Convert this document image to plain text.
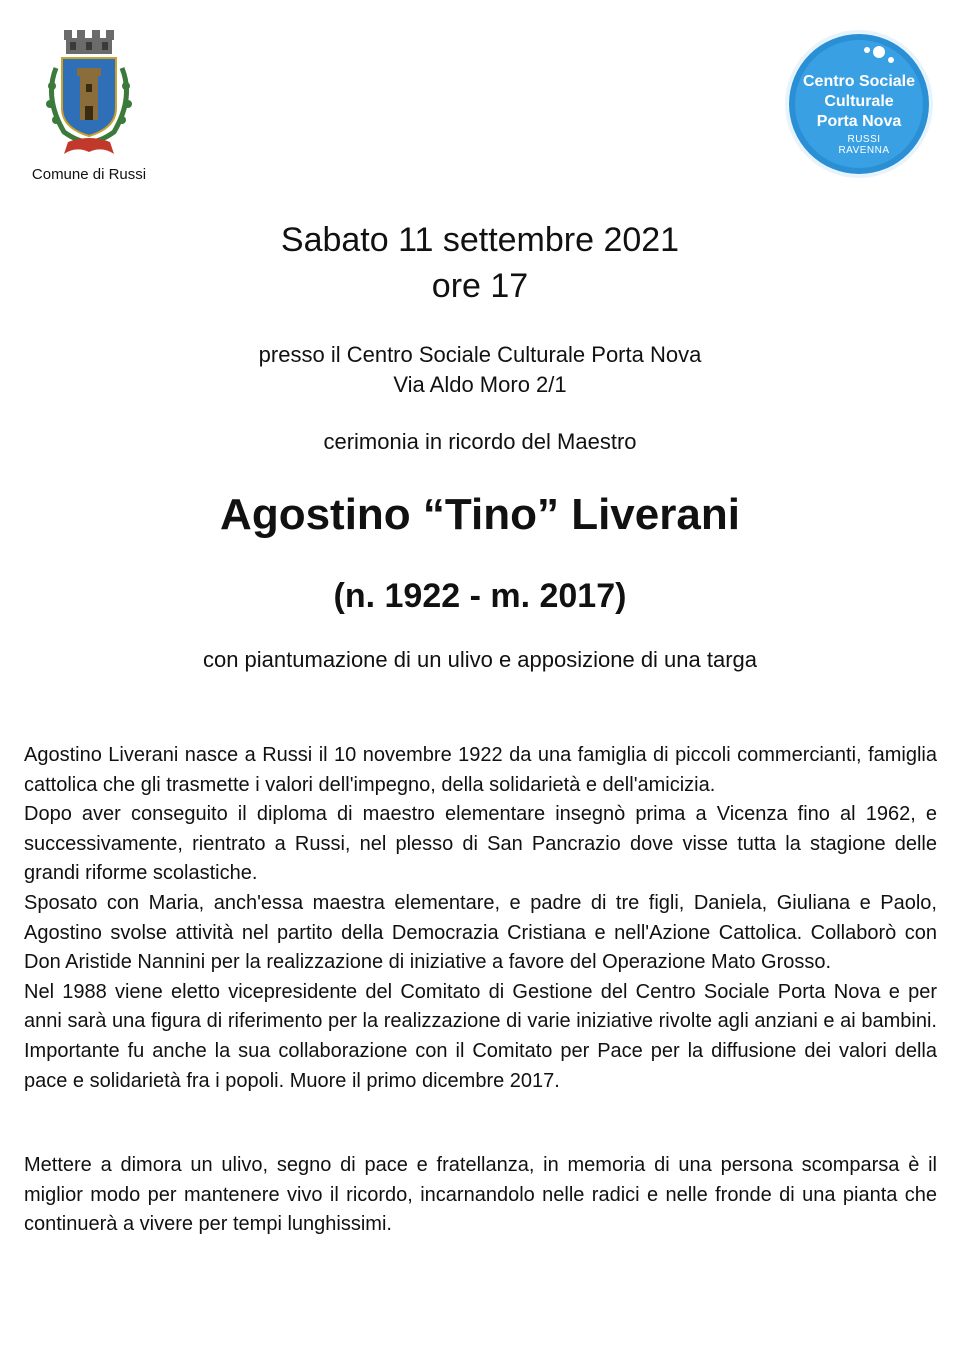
Comune di Russi
Centro Sociale
Culturale
Porta Nova
RUSSI
RAVENNA
Sabato 11 settembre 2021
ore 17
presso il Centro Sociale Culturale Porta Nova
Via Aldo Moro 2/1
cerimonia in ricordo del Maestro
Agostino “Tino” Liverani
(n. 1922 - m. 2017)
con piantumazione di un ulivo e apposizione di una targa

Agostino Liverani nasce a Russi il 10 novembre 1922 da una famiglia di piccoli commercianti, famiglia cattolica che gli trasmette i valori dell'impegno, della solidarietà e dell'amicizia.

Dopo aver conseguito il diploma di maestro elementare insegnò prima a Vicenza fino al 1962, e successivamente, rientrato a Russi, nel plesso di San Pancrazio dove visse tutta la stagione delle grandi riforme scolastiche.

Sposato con Maria, anch'essa maestra elementare, e padre di tre figli, Daniela, Giuliana e Paolo, Agostino svolse attività nel partito della Democrazia Cristiana e nell'Azione Cattolica. Collaborò con Don Aristide Nannini per la realizzazione di iniziative a favore del Operazione Mato Grosso.

Nel 1988 viene eletto vicepresidente del Comitato di Gestione del Centro Sociale Porta Nova e per anni sarà una figura di riferimento per la realizzazione di varie iniziative rivolte agli anziani e ai bambini. Importante fu anche la sua collaborazione con il Comitato per Pace per la diffusione dei valori della pace e solidarietà fra i popoli. Muore il primo dicembre 2017.

Mettere a dimora un ulivo, segno di pace e fratellanza, in memoria di una persona scomparsa è il miglior modo per mantenere vivo il ricordo, incarnandolo nelle radici e nelle fronde di una pianta che continuerà a vivere per tempi lunghissimi.
